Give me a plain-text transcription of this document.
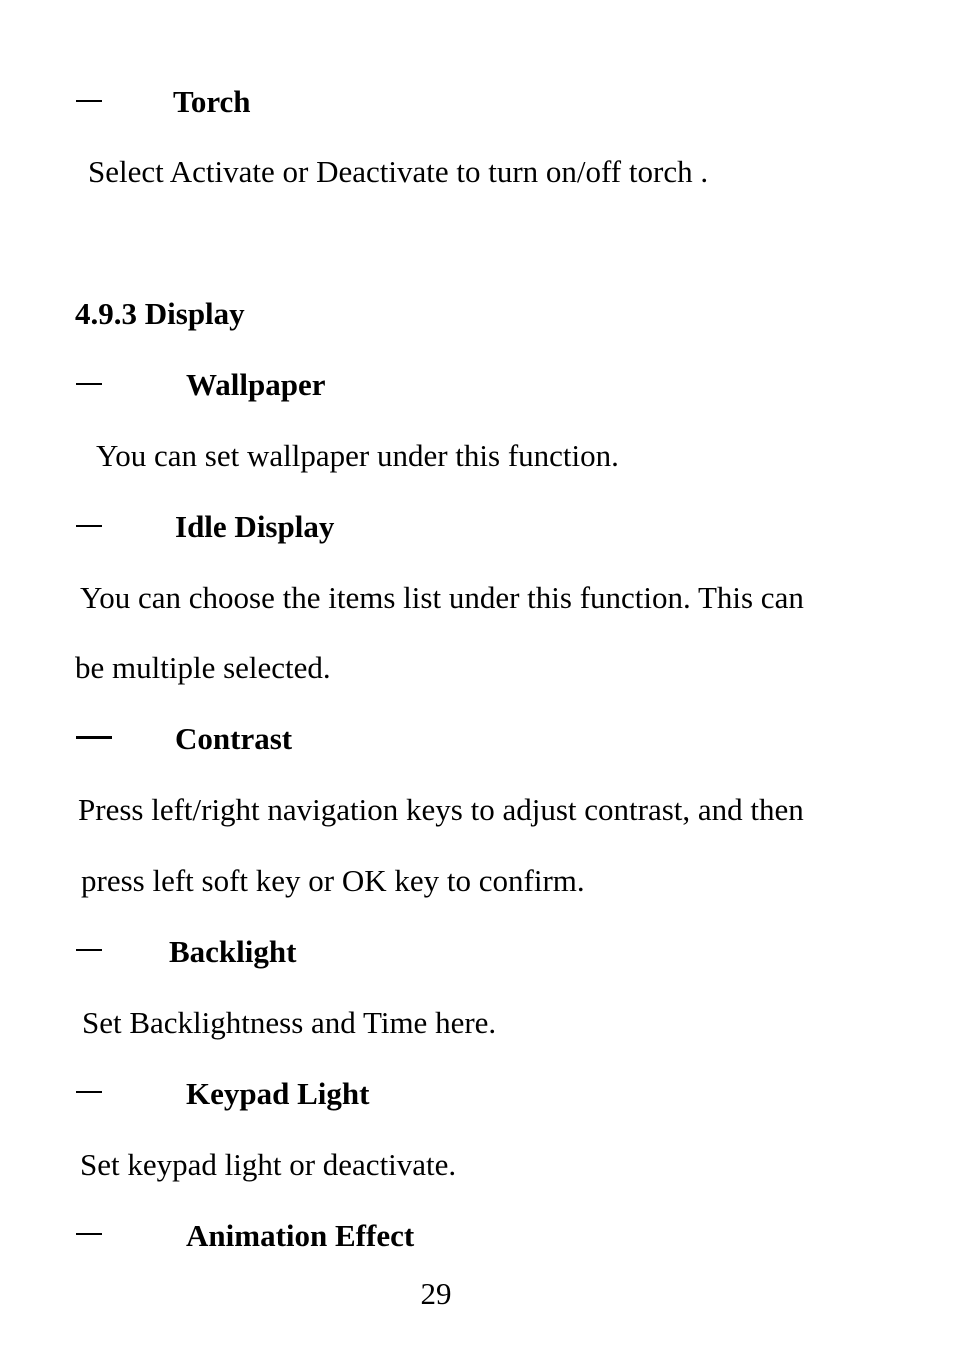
Torch
Select Activate or Deactivate to turn on/off torch .
4.9.3 Display
Wallpaper
You can set wallpaper under this function.
Idle Display
You can choose the items list under this function. This can
be multiple selected.
Contrast
Press left/right navigation keys to adjust contrast, and then
press left soft key or OK key to confirm.
Backlight
Set Backlightness and Time here.
Keypad Light
Set keypad light or deactivate.
Animation Effect
29
